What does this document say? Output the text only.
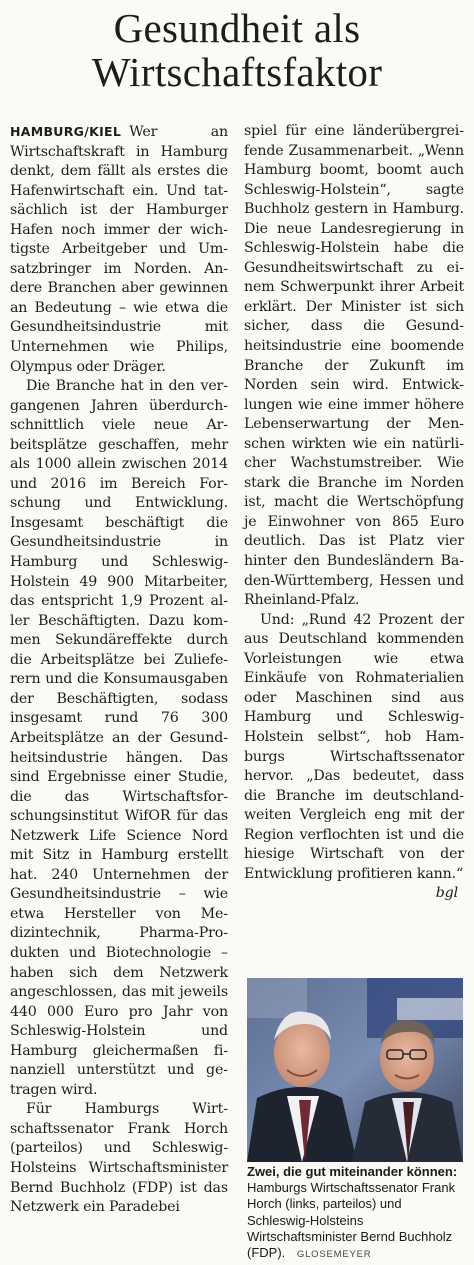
Gesundheit als
Wirtschaftsfaktor

HAMBURG/KIEL Wer an Wirtschaftskraft in Hamburg denkt, dem fällt als erstes die Hafenwirtschaft ein. Und tatsächlich ist der Hamburger Hafen noch immer der wichtigste Arbeitgeber und Umsatzbringer im Norden. Andere Branchen aber gewinnen an Bedeutung – wie etwa die Gesundheitsindustrie mit Unternehmen wie Philips, Olympus oder Dräger.

Die Branche hat in den vergangenen Jahren überdurchschnittlich viele neue Arbeitsplätze geschaffen, mehr als 1000 allein zwischen 2014 und 2016 im Bereich Forschung und Entwicklung. Insgesamt beschäftigt die Gesundheitsindustrie in Hamburg und Schleswig-Holstein 49 900 Mitarbeiter, das entspricht 1,9 Prozent aller Beschäftigten. Dazu kommen Sekundäreffekte durch die Arbeitsplätze bei Zulieferern und die Konsumausgaben der Beschäftigten, sodass insgesamt rund 76 300 Arbeitsplätze an der Gesundheitsindustrie hängen. Das sind Ergebnisse einer Studie, die das Wirtschaftsforschungsinstitut WifOR für das Netzwerk Life Science Nord mit Sitz in Hamburg erstellt hat. 240 Unternehmen der Gesundheitsindustrie – wie etwa Hersteller von Medizintechnik, Pharma-Produkten und Biotechnologie – haben sich dem Netzwerk angeschlossen, das mit jeweils 440 000 Euro pro Jahr von Schleswig-Holstein und Hamburg gleichermaßen finanziell unterstützt und getragen wird.

Für Hamburgs Wirtschaftssenator Frank Horch (parteilos) und Schleswig-Holsteins Wirtschaftsminister Bernd Buchholz (FDP) ist das Netzwerk ein Paradebei

spiel für eine länderübergreifende Zusammenarbeit. „Wenn Hamburg boomt, boomt auch Schleswig-Holstein“, sagte Buchholz gestern in Hamburg. Die neue Landesregierung in Schleswig-Holstein habe die Gesundheitswirtschaft zu einem Schwerpunkt ihrer Arbeit erklärt. Der Minister ist sich sicher, dass die Gesundheitsindustrie eine boomende Branche der Zukunft im Norden sein wird. Entwicklungen wie eine immer höhere Lebenserwartung der Menschen wirkten wie ein natürlicher Wachstumstreiber. Wie stark die Branche im Norden ist, macht die Wertschöpfung je Einwohner von 865 Euro deutlich. Das ist Platz vier hinter den Bundesländern Baden-Württemberg, Hessen und Rheinland-Pfalz.

Und: „Rund 42 Prozent der aus Deutschland kommenden Vorleistungen wie etwa Einkäufe von Rohmaterialien oder Maschinen sind aus Hamburg und Schleswig-Holstein selbst“, hob Hamburgs Wirtschaftssenator hervor. „Das bedeutet, dass die Branche im deutschlandweiten Vergleich eng mit der Region verflochten ist und die hiesige Wirtschaft von der Entwicklung profitieren kann.“
bgl

Zwei, die gut miteinander können: Hamburgs Wirtschaftssenator Frank Horch (links, parteilos) und Schleswig-Holsteins Wirtschaftsminister Bernd Buchholz (FDP). GLOSEMEYER
